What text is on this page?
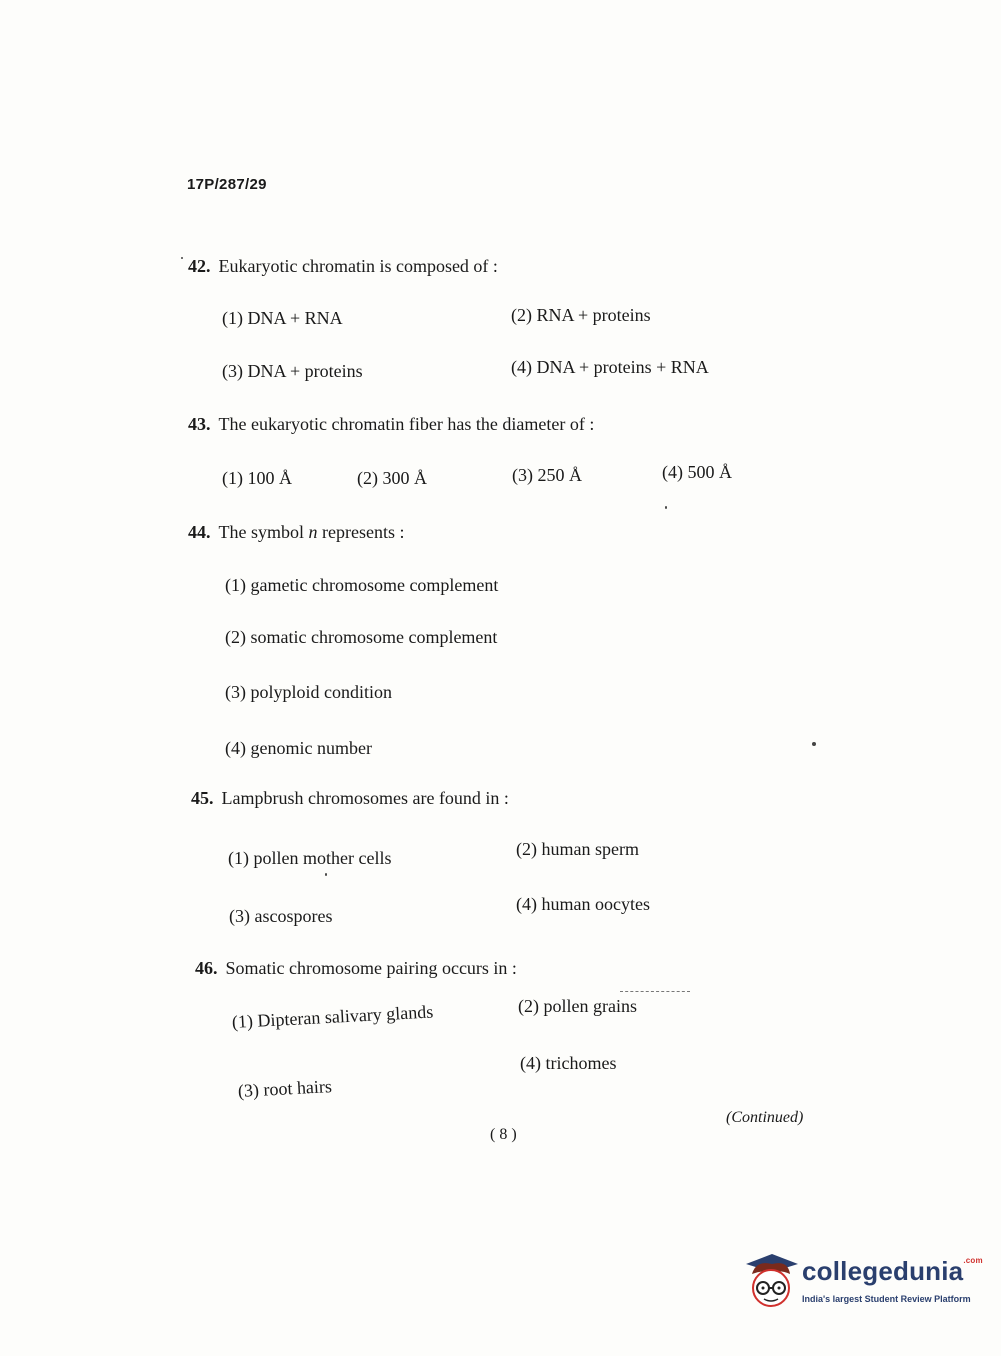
17P/287/29
42. Eukaryotic chromatin is composed of :
(1) DNA + RNA	(2) RNA + proteins
(3) DNA + proteins	(4) DNA + proteins + RNA
43. The eukaryotic chromatin fiber has the diameter of :
(1) 100 Å	(2) 300 Å	(3) 250 Å	(4) 500 Å
44. The symbol n represents :
(1) gametic chromosome complement
(2) somatic chromosome complement
(3) polyploid condition
(4) genomic number
45. Lampbrush chromosomes are found in :
(1) pollen mother cells	(2) human sperm
(3) ascospores
(4) human oocytes
46. Somatic chromosome pairing occurs in :
(1) Dipteran salivary glands	(2) pollen grains
(3) root hairs
(4) trichomes
( 8 )
(Continued)
collegedunia$^{.com}$
India's largest Student Review Platform
